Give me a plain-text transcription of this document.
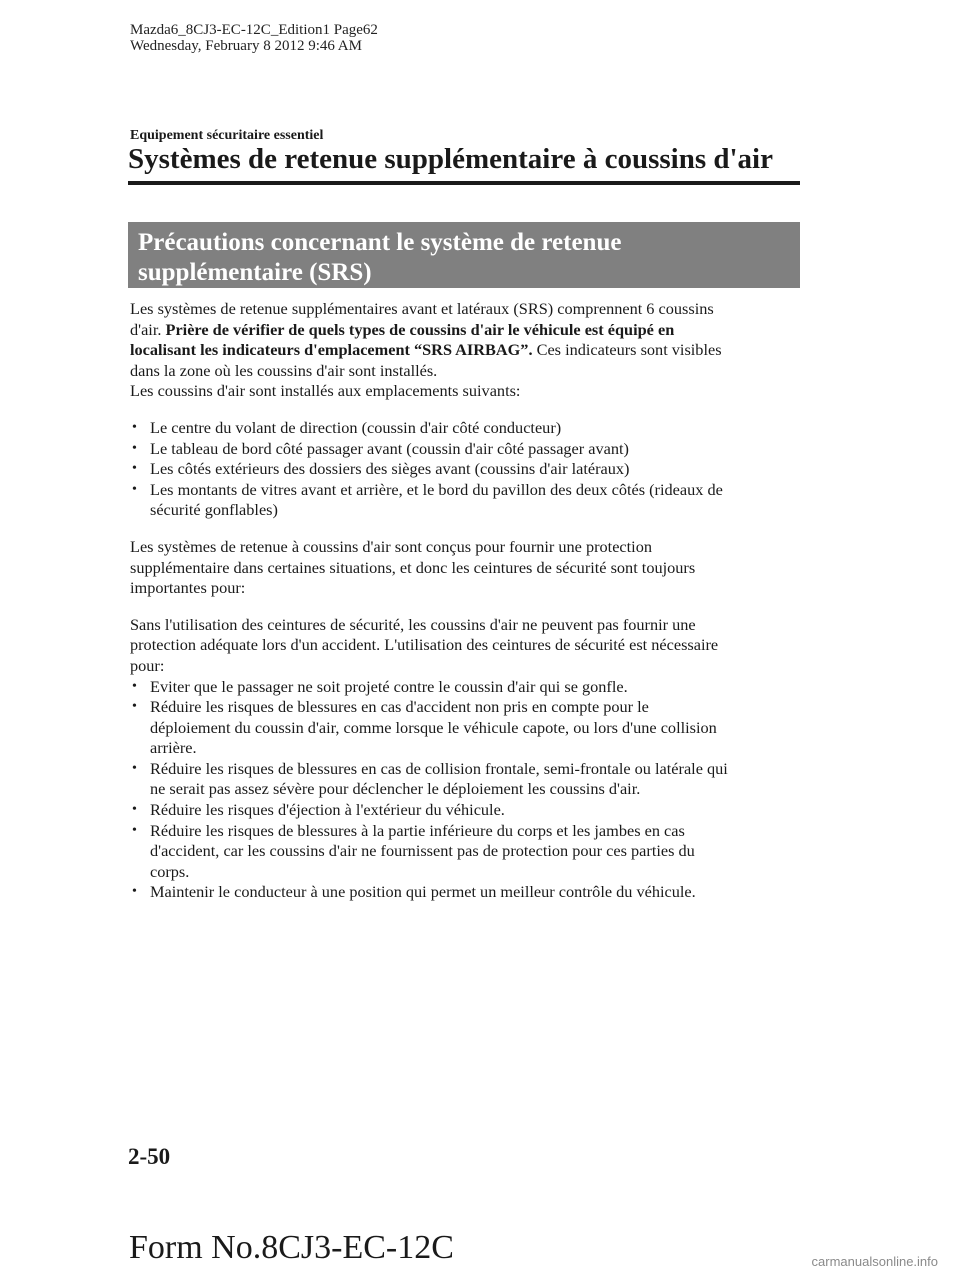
Mazda6_8CJ3-EC-12C_Edition1 Page62
Wednesday, February 8 2012 9:46 AM
Equipement sécuritaire essentiel
Systèmes de retenue supplémentaire à coussins d'air
Précautions concernant le système de retenue
supplémentaire (SRS)

Les systèmes de retenue supplémentaires avant et latéraux (SRS) comprennent 6 coussins
d'air. Prière de vérifier de quels types de coussins d'air le véhicule est équipé en
localisant les indicateurs d'emplacement “SRS AIRBAG”. Ces indicateurs sont visibles
dans la zone où les coussins d'air sont installés.
Les coussins d'air sont installés aux emplacements suivants:

• Le centre du volant de direction (coussin d'air côté conducteur)
• Le tableau de bord côté passager avant (coussin d'air côté passager avant)
• Les côtés extérieurs des dossiers des sièges avant (coussins d'air latéraux)
• Les montants de vitres avant et arrière, et le bord du pavillon des deux côtés (rideaux de
sécurité gonflables)

Les systèmes de retenue à coussins d'air sont conçus pour fournir une protection
supplémentaire dans certaines situations, et donc les ceintures de sécurité sont toujours
importantes pour:

Sans l'utilisation des ceintures de sécurité, les coussins d'air ne peuvent pas fournir une
protection adéquate lors d'un accident. L'utilisation des ceintures de sécurité est nécessaire
pour:

• Eviter que le passager ne soit projeté contre le coussin d'air qui se gonfle.
• Réduire les risques de blessures en cas d'accident non pris en compte pour le
déploiement du coussin d'air, comme lorsque le véhicule capote, ou lors d'une collision
arrière.
• Réduire les risques de blessures en cas de collision frontale, semi-frontale ou latérale qui
ne serait pas assez sévère pour déclencher le déploiement les coussins d'air.
• Réduire les risques d'éjection à l'extérieur du véhicule.
• Réduire les risques de blessures à la partie inférieure du corps et les jambes en cas
d'accident, car les coussins d'air ne fournissent pas de protection pour ces parties du
corps.
• Maintenir le conducteur à une position qui permet un meilleur contrôle du véhicule.
2-50
Form No.8CJ3-EC-12C	carmanualsonline.info
